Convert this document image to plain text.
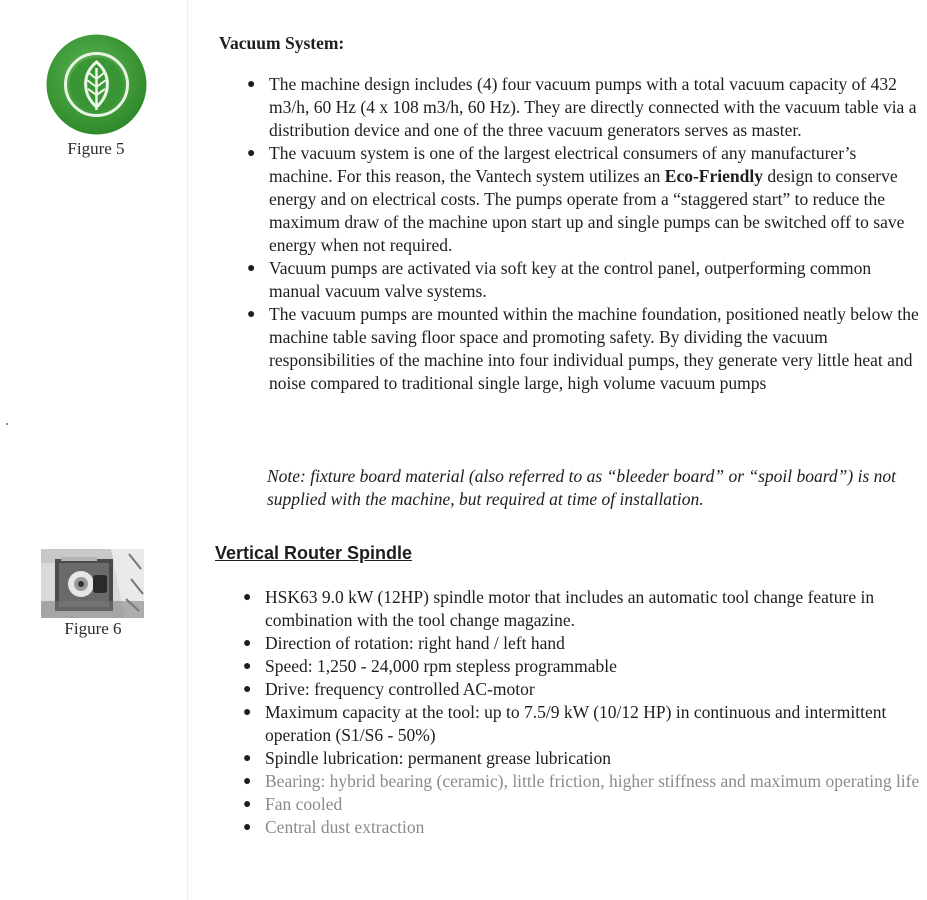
Figure 5
Figure 6
Vacuum System:
● The machine design includes (4) four vacuum pumps with a total vacuum capacity of 432 m3/h, 60 Hz (4 x 108 m3/h, 60 Hz). They are directly connected with the vacuum table via a distribution device and one of the three vacuum generators serves as master.
● The vacuum system is one of the largest electrical consumers of any manufacturer’s machine. For this reason, the Vantech system utilizes an Eco-Friendly design to conserve energy and on electrical costs. The pumps operate from a “staggered start” to reduce the maximum draw of the machine upon start up and single pumps can be switched off to save energy when not required.
● Vacuum pumps are activated via soft key at the control panel, outperforming common manual vacuum valve systems.
● The vacuum pumps are mounted within the machine foundation, positioned neatly below the machine table saving floor space and promoting safety. By dividing the vacuum responsibilities of the machine into four individual pumps, they generate very little heat and noise compared to traditional single large, high volume vacuum pumps

Note: fixture board material (also referred to as “bleeder board” or “spoil board”) is not supplied with the machine, but required at time of installation.

Vertical Router Spindle
● HSK63 9.0 kW (12HP) spindle motor that includes an automatic tool change feature in combination with the tool change magazine.
● Direction of rotation: right hand / left hand
● Speed: 1,250 - 24,000 rpm stepless programmable
● Drive: frequency controlled AC-motor
● Maximum capacity at the tool: up to 7.5/9 kW (10/12 HP) in continuous and intermittent operation (S1/S6 - 50%)
● Spindle lubrication: permanent grease lubrication
● Bearing: hybrid bearing (ceramic), little friction, higher stiffness and maximum operating life
● Fan cooled
● Central dust extraction
